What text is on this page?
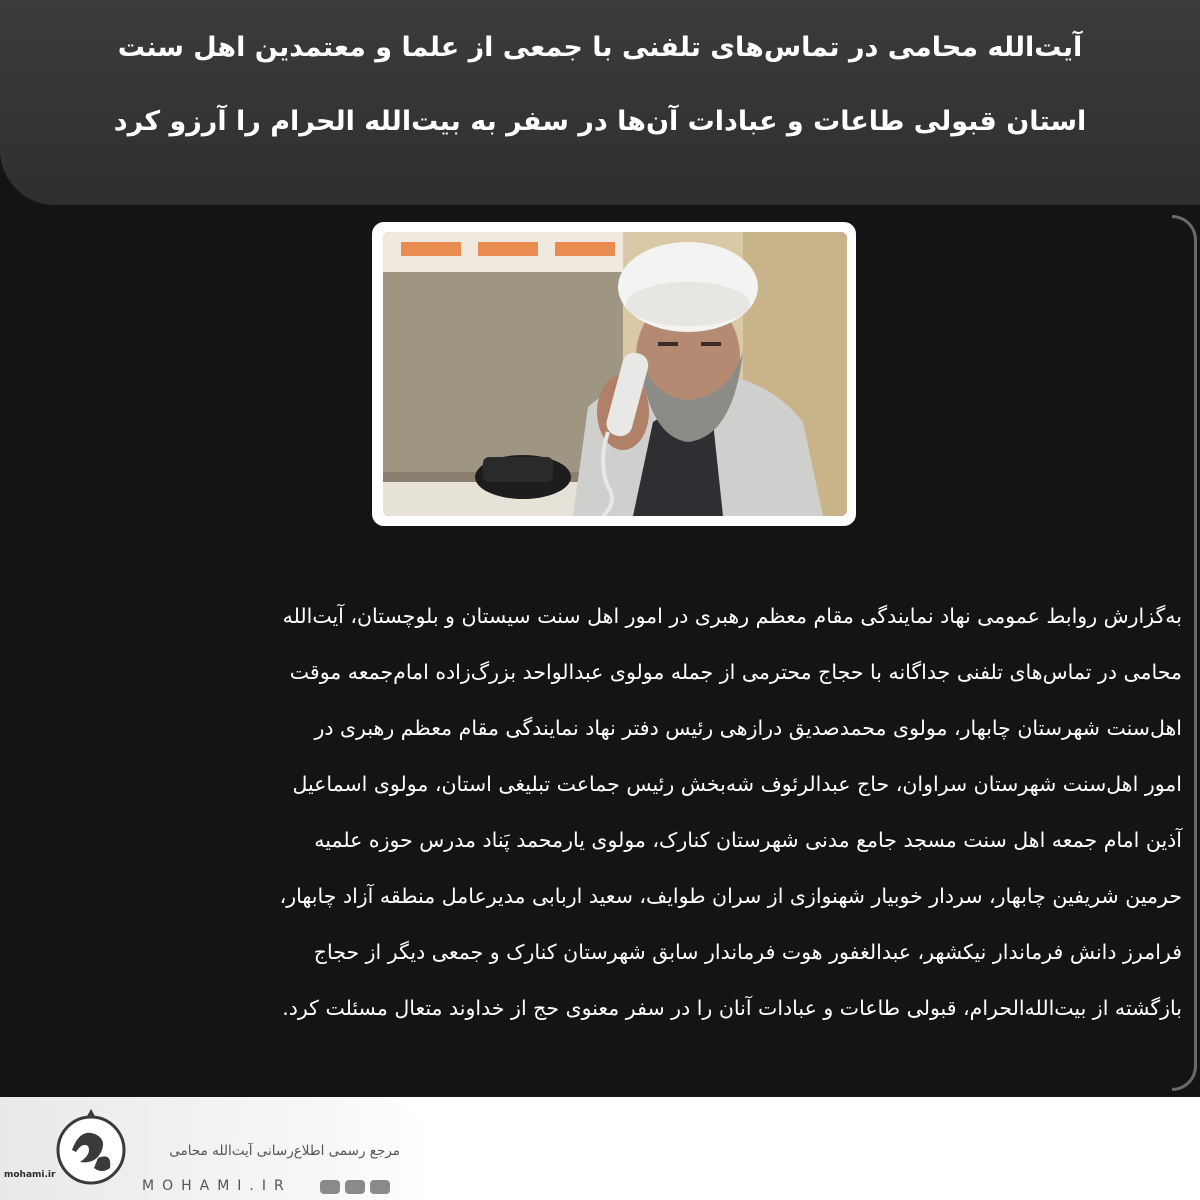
آیت‌الله محامی در تماس‌های تلفنی با جمعی از علما و معتمدین اهل سنت
استان قبولی طاعات و عبادات آن‌ها در سفر به بیت‌الله الحرام را آرزو کرد
به‌گزارش روابط عمومی نهاد نمایندگی مقام معظم رهبری در امور اهل سنت سیستان و بلوچستان، آیت‌الله
محامی در تماس‌های تلفنی جداگانه با حجاج محترمی از جمله مولوی عبدالواحد بزرگ‌زاده امام‌جمعه موقت
اهل‌سنت شهرستان چابهار، مولوی محمدصدیق درازهی رئیس دفتر نهاد نمایندگی مقام معظم رهبری در
امور اهل‌سنت شهرستان سراوان، حاج عبدالرئوف شه‌بخش رئیس جماعت تبلیغی استان، مولوی اسماعیل
آذین امام جمعه اهل سنت مسجد جامع مدنی شهرستان کنارک، مولوی یارمحمد پَناد مدرس حوزه علمیه
حرمین شریفین چابهار، سردار خوبیار شهنوازی از سران طوایف، سعید اربابی مدیرعامل منطقه آزاد چابهار،
فرامرز دانش فرماندار نیکشهر، عبدالغفور هوت فرماندار سابق شهرستان کنارک و جمعی دیگر از حجاج
بازگشته از بیت‌الله‌الحرام، قبولی طاعات و عبادات آنان را در سفر معنوی حج از خداوند متعال مسئلت کرد.
mohami.ir
مرجع رسمی اطلاع‌رسانی آیت‌الله محامی
MOHAMI.IR
